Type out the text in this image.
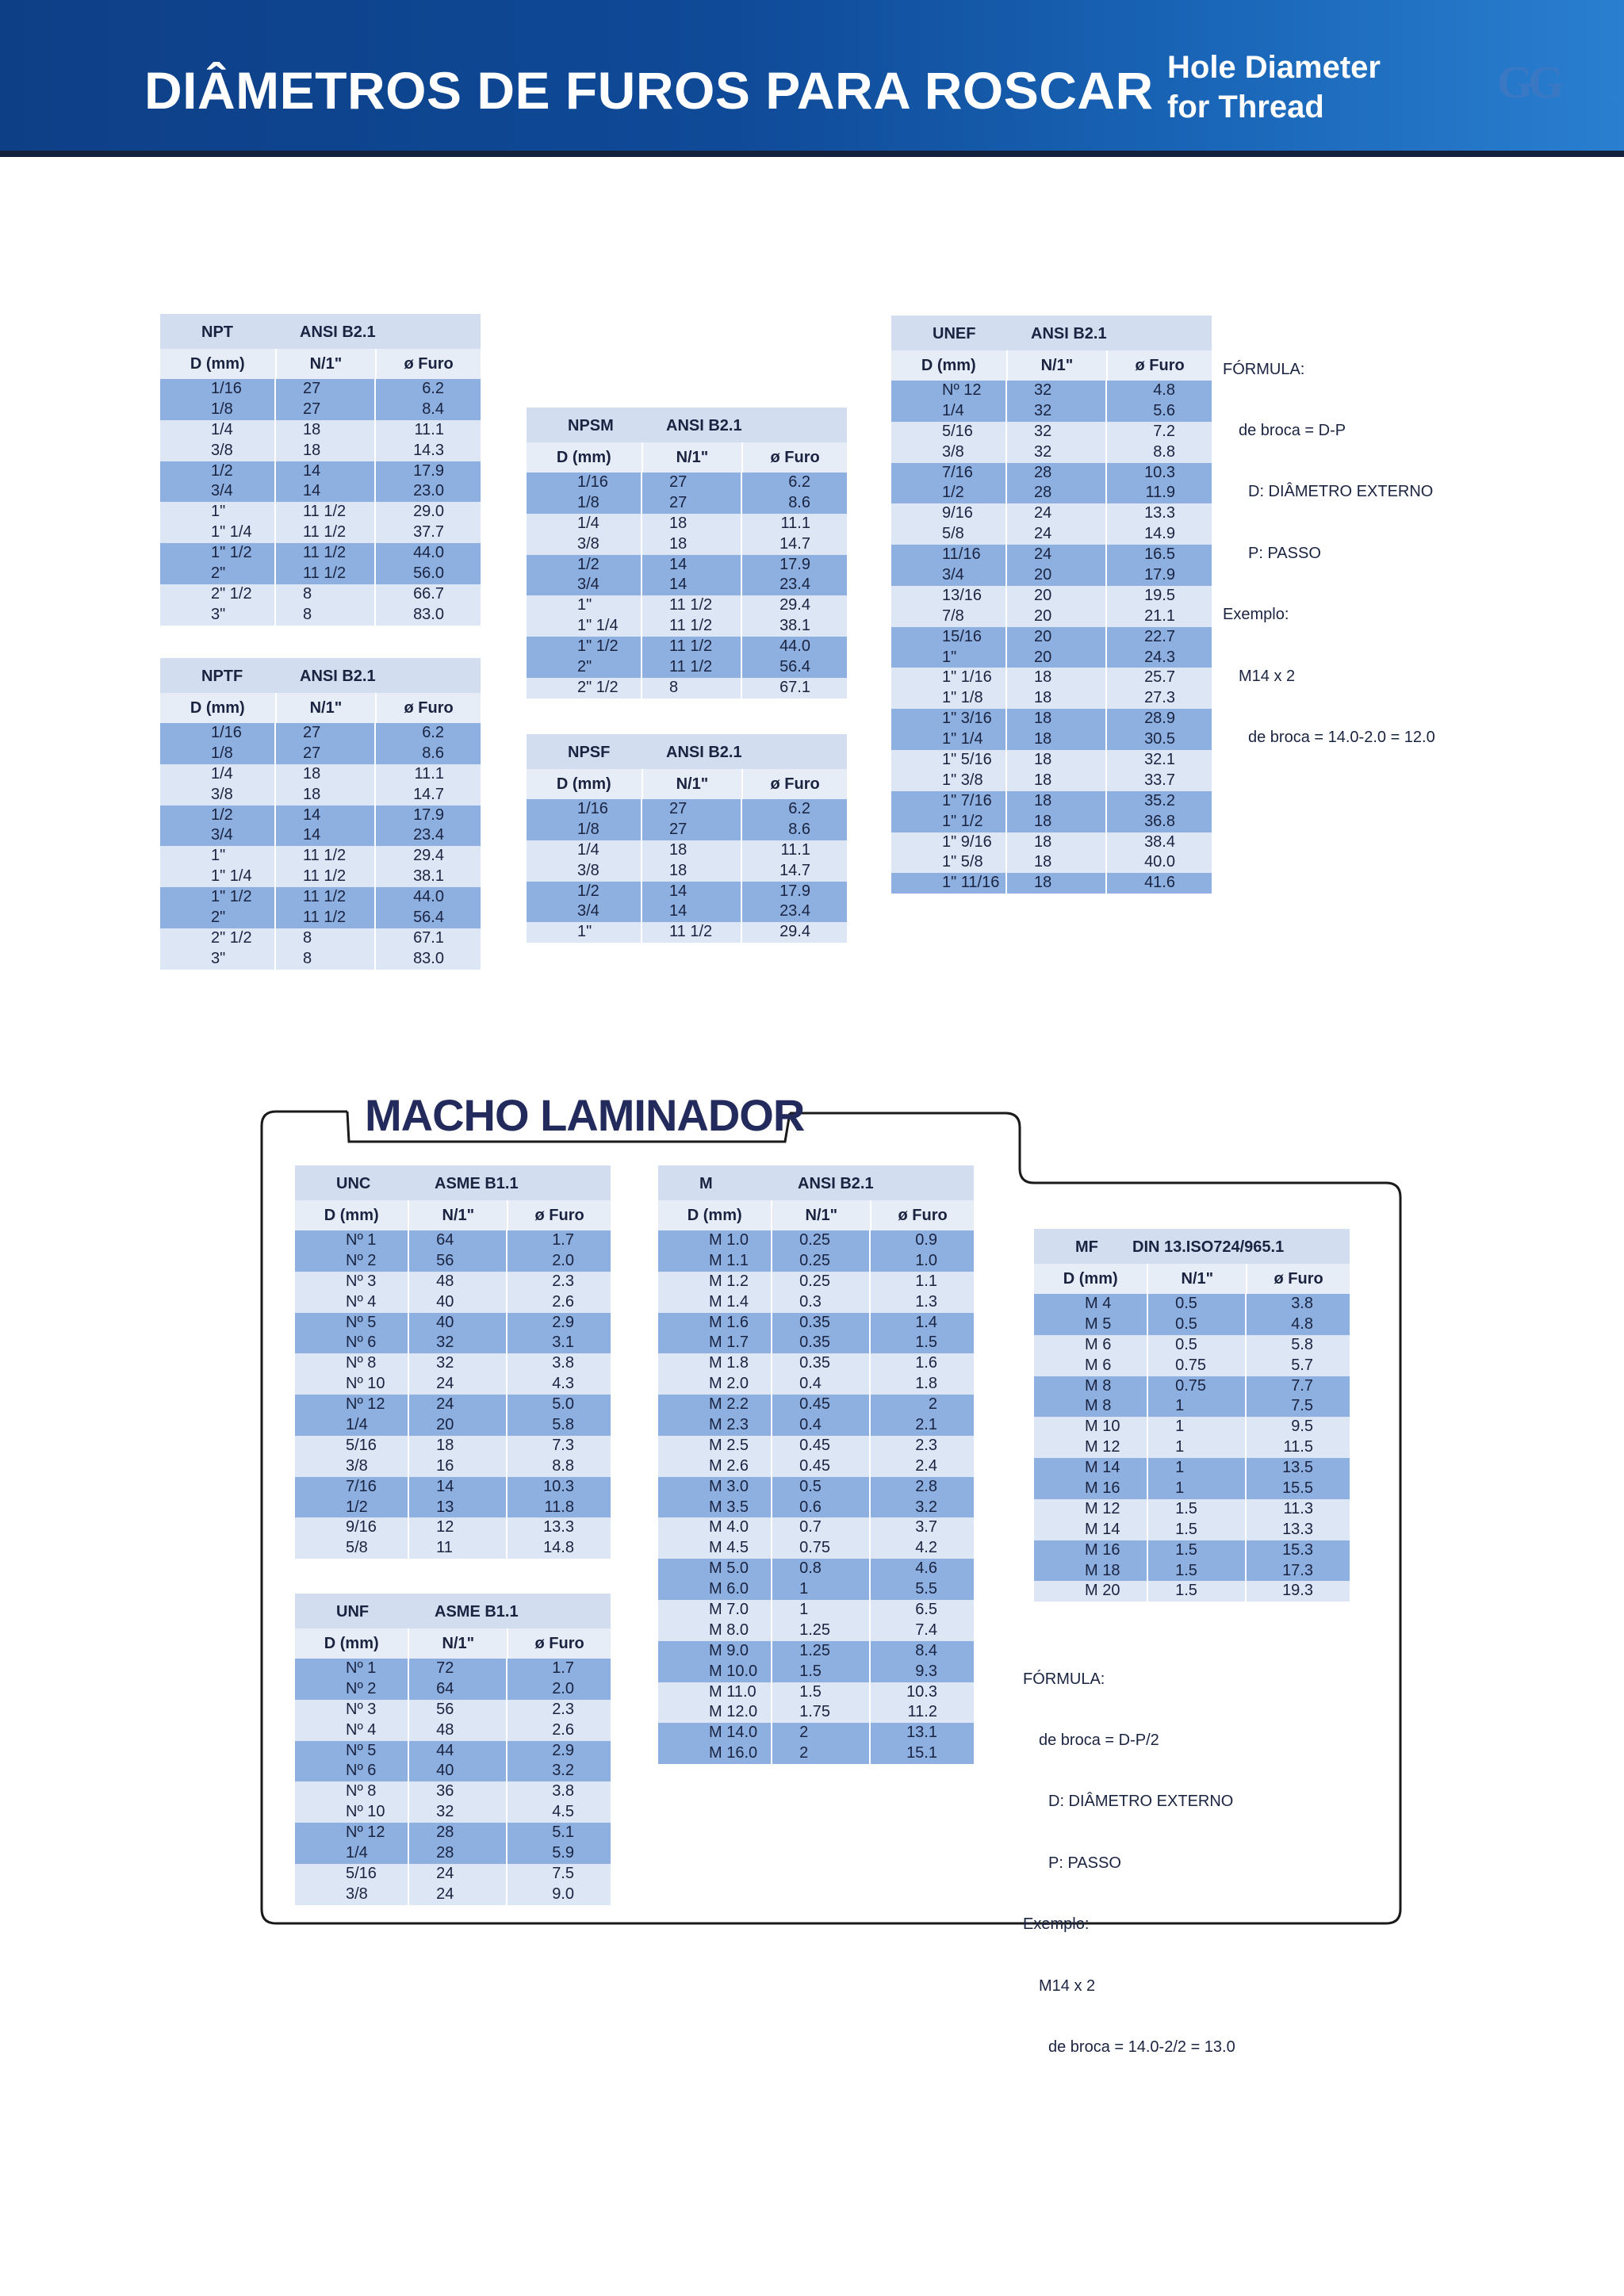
DIÂMETROS DE FUROS PARA ROSCAR Hole Diameter
for Thread	GG
NPT	ANSI B2.1
D (mm)	N/1"	ø Furo
1/16	27	6.2
1/8	27	8.4
1/4	18	11.1
3/8	18	14.3
1/2	14	17.9
3/4	14	23.0
1"	11 1/2	29.0
1" 1/4	11 1/2	37.7
1" 1/2	11 1/2	44.0
2"	11 1/2	56.0
2" 1/2	8	66.7
3"	8	83.0
NPTF	ANSI B2.1
D (mm)	N/1"	ø Furo
1/16	27	6.2
1/8	27	8.6
1/4	18	11.1
3/8	18	14.7
1/2	14	17.9
3/4	14	23.4
1"	11 1/2	29.4
1" 1/4	11 1/2	38.1
1" 1/2	11 1/2	44.0
2"	11 1/2	56.4
2" 1/2	8	67.1
3"	8	83.0
NPSM	ANSI B2.1
D (mm)	N/1"	ø Furo
1/16	27	6.2
1/8	27	8.6
1/4	18	11.1
3/8	18	14.7
1/2	14	17.9
3/4	14	23.4
1"	11 1/2	29.4
1" 1/4	11 1/2	38.1
1" 1/2	11 1/2	44.0
2"	11 1/2	56.4
2" 1/2	8	67.1
NPSF	ANSI B2.1
D (mm)	N/1"	ø Furo
1/16	27	6.2
1/8	27	8.6
1/4	18	11.1
3/8	18	14.7
1/2	14	17.9
3/4	14	23.4
1"	11 1/2	29.4
UNEF	ANSI B2.1
D (mm)	N/1"	ø Furo
Nº 12	32	4.8
1/4	32	5.6
5/16	32	7.2
3/8	32	8.8
7/16	28	10.3
1/2	28	11.9
9/16	24	13.3
5/8	24	14.9
11/16	24	16.5
3/4	20	17.9
13/16	20	19.5
7/8	20	21.1
15/16	20	22.7
1"	20	24.3
1" 1/16	18	25.7
1" 1/8	18	27.3
1" 3/16	18	28.9
1" 1/4	18	30.5
1" 5/16	18	32.1
1" 3/8	18	33.7
1" 7/16	18	35.2
1" 1/2	18	36.8
1" 9/16	18	38.4
1" 5/8	18	40.0
1" 11/16	18	41.6

FÓRMULA:

de broca = D-P

D: DIÂMETRO EXTERNO

P: PASSO

Exemplo:

M14 x 2

de broca = 14.0-2.0 = 12.0

MACHO LAMINADOR
UNC	ASME B1.1
D (mm)	N/1"	ø Furo
Nº 1	64	1.7
Nº 2	56	2.0
Nº 3	48	2.3
Nº 4	40	2.6
Nº 5	40	2.9
Nº 6	32	3.1
Nº 8	32	3.8
Nº 10	24	4.3
Nº 12	24	5.0
1/4	20	5.8
5/16	18	7.3
3/8	16	8.8
7/16	14	10.3
1/2	13	11.8
9/16	12	13.3
5/8	11	14.8
UNF	ASME B1.1
D (mm)	N/1"	ø Furo
Nº 1	72	1.7
Nº 2	64	2.0
Nº 3	56	2.3
Nº 4	48	2.6
Nº 5	44	2.9
Nº 6	40	3.2
Nº 8	36	3.8
Nº 10	32	4.5
Nº 12	28	5.1
1/4	28	5.9
5/16	24	7.5
3/8	24	9.0
M	ANSI B2.1
D (mm)	N/1"	ø Furo
M 1.0	0.25	0.9
M 1.1	0.25	1.0
M 1.2	0.25	1.1
M 1.4	0.3	1.3
M 1.6	0.35	1.4
M 1.7	0.35	1.5
M 1.8	0.35	1.6
M 2.0	0.4	1.8
M 2.2	0.45	2
M 2.3	0.4	2.1
M 2.5	0.45	2.3
M 2.6	0.45	2.4
M 3.0	0.5	2.8
M 3.5	0.6	3.2
M 4.0	0.7	3.7
M 4.5	0.75	4.2
M 5.0	0.8	4.6
M 6.0	1	5.5
M 7.0	1	6.5
M 8.0	1.25	7.4
M 9.0	1.25	8.4
M 10.0	1.5	9.3
M 11.0	1.5	10.3
M 12.0	1.75	11.2
M 14.0	2	13.1
M 16.0	2	15.1
MF DIN 13.ISO724/965.1
D (mm)	N/1"	ø Furo
M 4	0.5	3.8
M 5	0.5	4.8
M 6	0.5	5.8
M 6	0.75	5.7
M 8	0.75	7.7
M 8	1	7.5
M 10	1	9.5
M 12	1	11.5
M 14	1	13.5
M 16	1	15.5
M 12	1.5	11.3
M 14	1.5	13.3
M 16	1.5	15.3
M 18	1.5	17.3
M 20	1.5	19.3

FÓRMULA:

de broca = D-P/2

D: DIÂMETRO EXTERNO

P: PASSO

Exemplo:

M14 x 2

de broca = 14.0-2/2 = 13.0
